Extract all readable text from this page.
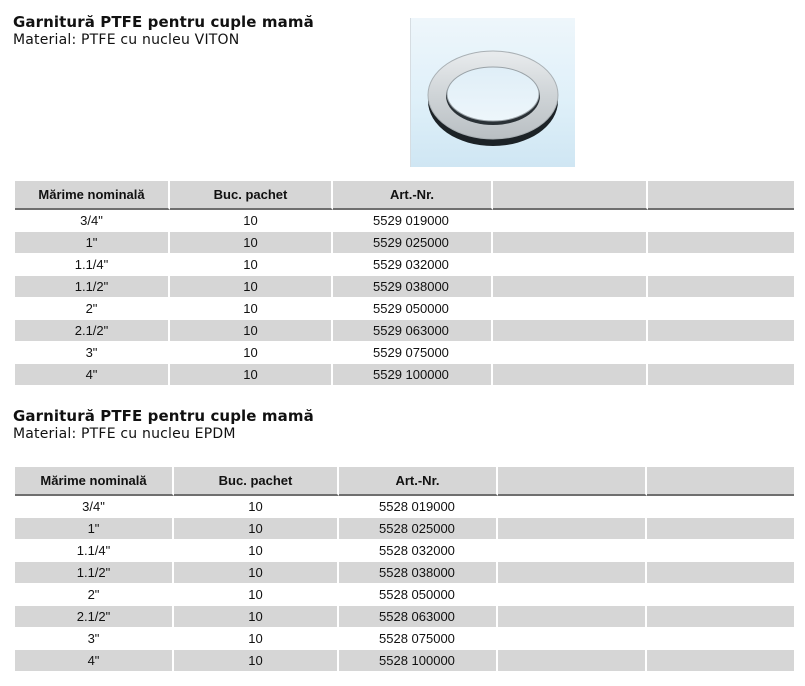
Garnitură PTFE pentru cuple mamă
Material: PTFE cu nucleu VITON
Mărime nominală	Buc. pachet	Art.-Nr.		
3/4"	10	5529 019000		
1"	10	5529 025000		
1.1/4"	10	5529 032000		
1.1/2"	10	5529 038000		
2"	10	5529 050000		
2.1/2"	10	5529 063000		
3"	10	5529 075000		
4"	10	5529 100000		
Garnitură PTFE pentru cuple mamă
Material: PTFE cu nucleu EPDM
Mărime nominală	Buc. pachet	Art.-Nr.		
3/4"	10	5528 019000		
1"	10	5528 025000		
1.1/4"	10	5528 032000		
1.1/2"	10	5528 038000		
2"	10	5528 050000		
2.1/2"	10	5528 063000		
3"	10	5528 075000		
4"	10	5528 100000		
